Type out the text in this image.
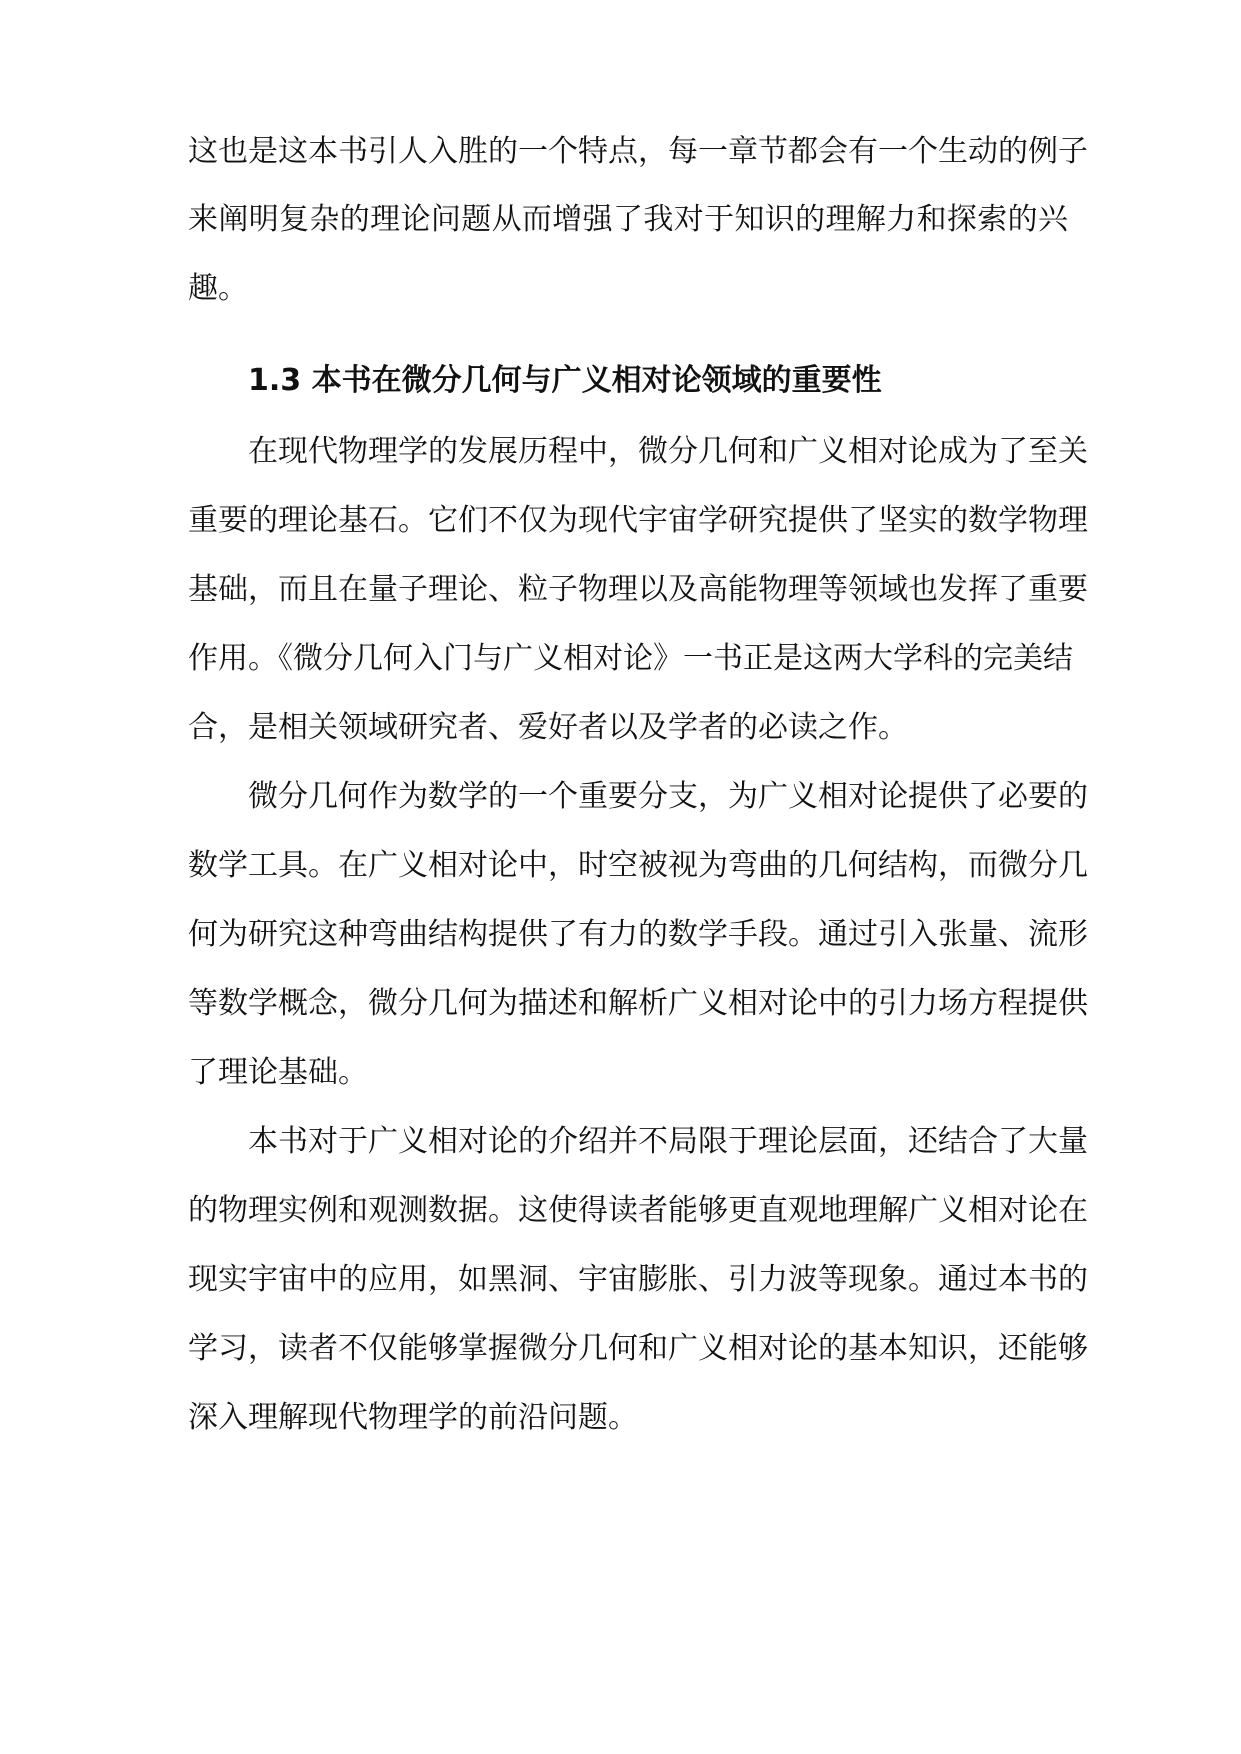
这也是这本书引人入胜的一个特点，每一章节都会有一个生动的例子
来阐明复杂的理论问题从而增强了我对于知识的理解力和探索的兴
趣。
1.3 本书在微分几何与广义相对论领域的重要性
在现代物理学的发展历程中，微分几何和广义相对论成为了至关
重要的理论基石。它们不仅为现代宇宙学研究提供了坚实的数学物理
基础，而且在量子理论、粒子物理以及高能物理等领域也发挥了重要
作用。《微分几何入门与广义相对论》一书正是这两大学科的完美结
合，是相关领域研究者、爱好者以及学者的必读之作。
微分几何作为数学的一个重要分支，为广义相对论提供了必要的
数学工具。在广义相对论中，时空被视为弯曲的几何结构，而微分几
何为研究这种弯曲结构提供了有力的数学手段。通过引入张量、流形
等数学概念，微分几何为描述和解析广义相对论中的引力场方程提供
了理论基础。
本书对于广义相对论的介绍并不局限于理论层面，还结合了大量
的物理实例和观测数据。这使得读者能够更直观地理解广义相对论在
现实宇宙中的应用，如黑洞、宇宙膨胀、引力波等现象。通过本书的
学习，读者不仅能够掌握微分几何和广义相对论的基本知识，还能够
深入理解现代物理学的前沿问题。
